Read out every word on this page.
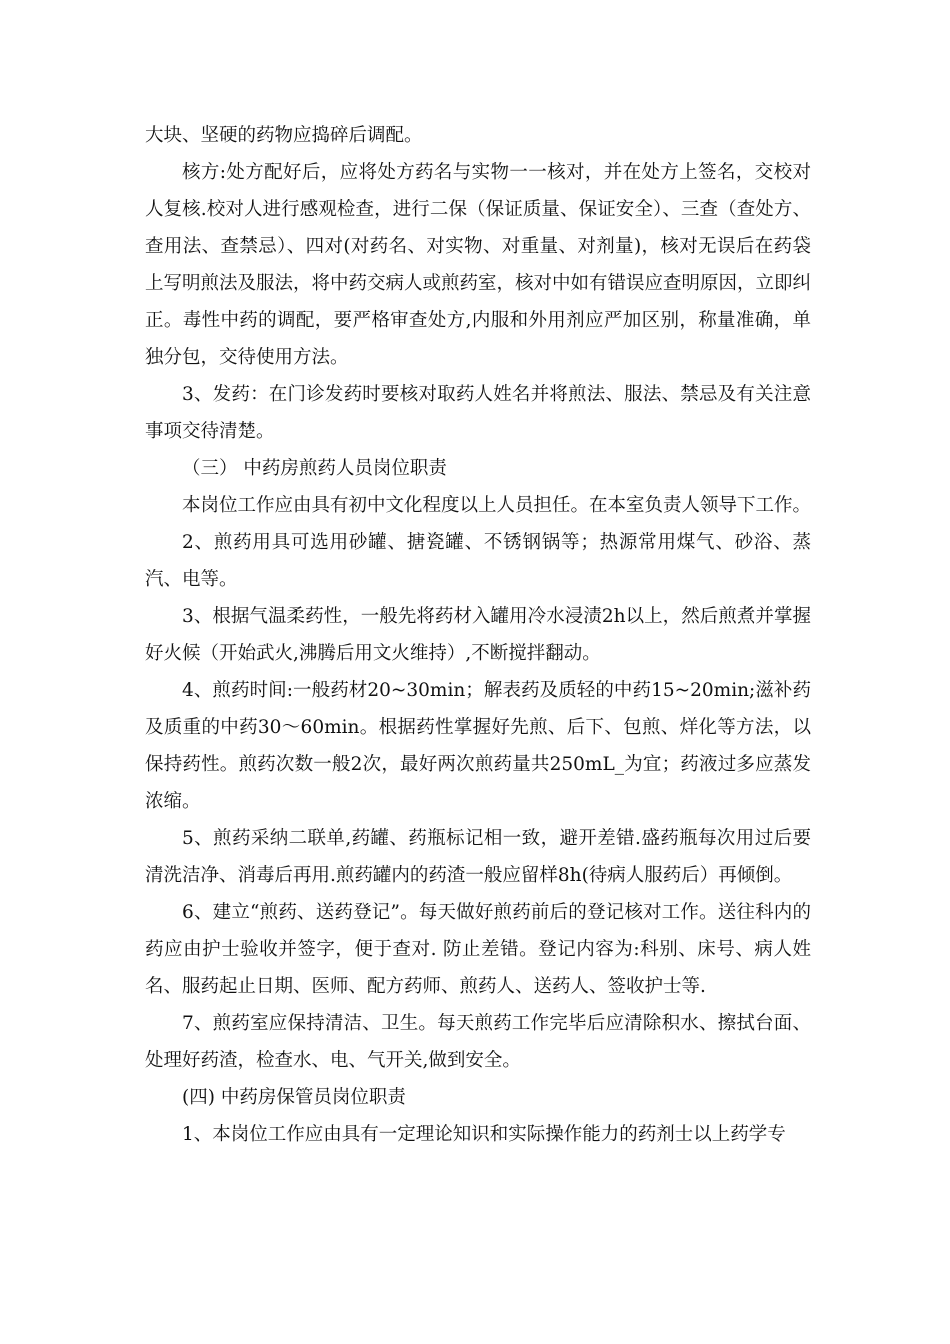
大块、坚硬的药物应捣碎后调配。

核方:处方配好后，应将处方药名与实物一一核对，并在处方上签名，交校对人复核.校对人进行感观检查，进行二保（保证质量、保证安全）、三查（查处方、查用法、查禁忌）、四对(对药名、对实物、对重量、对剂量)，核对无误后在药袋上写明煎法及服法，将中药交病人或煎药室，核对中如有错误应查明原因，立即纠正。毒性中药的调配，要严格审查处方,内服和外用剂应严加区别，称量准确，单独分包，交待使用方法。

3、发药：在门诊发药时要核对取药人姓名并将煎法、服法、禁忌及有关注意事项交待清楚。

（三） 中药房煎药人员岗位职责

本岗位工作应由具有初中文化程度以上人员担任。在本室负责人领导下工作。

2、煎药用具可选用砂罐、搪瓷罐、不锈钢锅等；热源常用煤气、砂浴、蒸汽、电等。

3、根据气温柔药性，一般先将药材入罐用冷水浸渍2h以上，然后煎煮并掌握好火候（开始武火,沸腾后用文火维持）,不断搅拌翻动。

4、煎药时间:一般药材20~30min；解表药及质轻的中药15~20min;滋补药及质重的中药30～60min。根据药性掌握好先煎、后下、包煎、烊化等方法，以保持药性。煎药次数一般2次，最好两次煎药量共250mL_为宜；药液过多应蒸发浓缩。

5、煎药采纳二联单,药罐、药瓶标记相一致，避开差错.盛药瓶每次用过后要清洗洁净、消毒后再用.煎药罐内的药渣一般应留样8h(待病人服药后）再倾倒。

6、建立“煎药、送药登记”。每天做好煎药前后的登记核对工作。送往科内的药应由护士验收并签字，便于查对. 防止差错。登记内容为:科别、床号、病人姓名、服药起止日期、医师、配方药师、煎药人、送药人、签收护士等.

7、煎药室应保持清洁、卫生。每天煎药工作完毕后应清除积水、擦拭台面、处理好药渣，检查水、电、气开关,做到安全。

(四) 中药房保管员岗位职责

1、本岗位工作应由具有一定理论知识和实际操作能力的药剂士以上药学专
